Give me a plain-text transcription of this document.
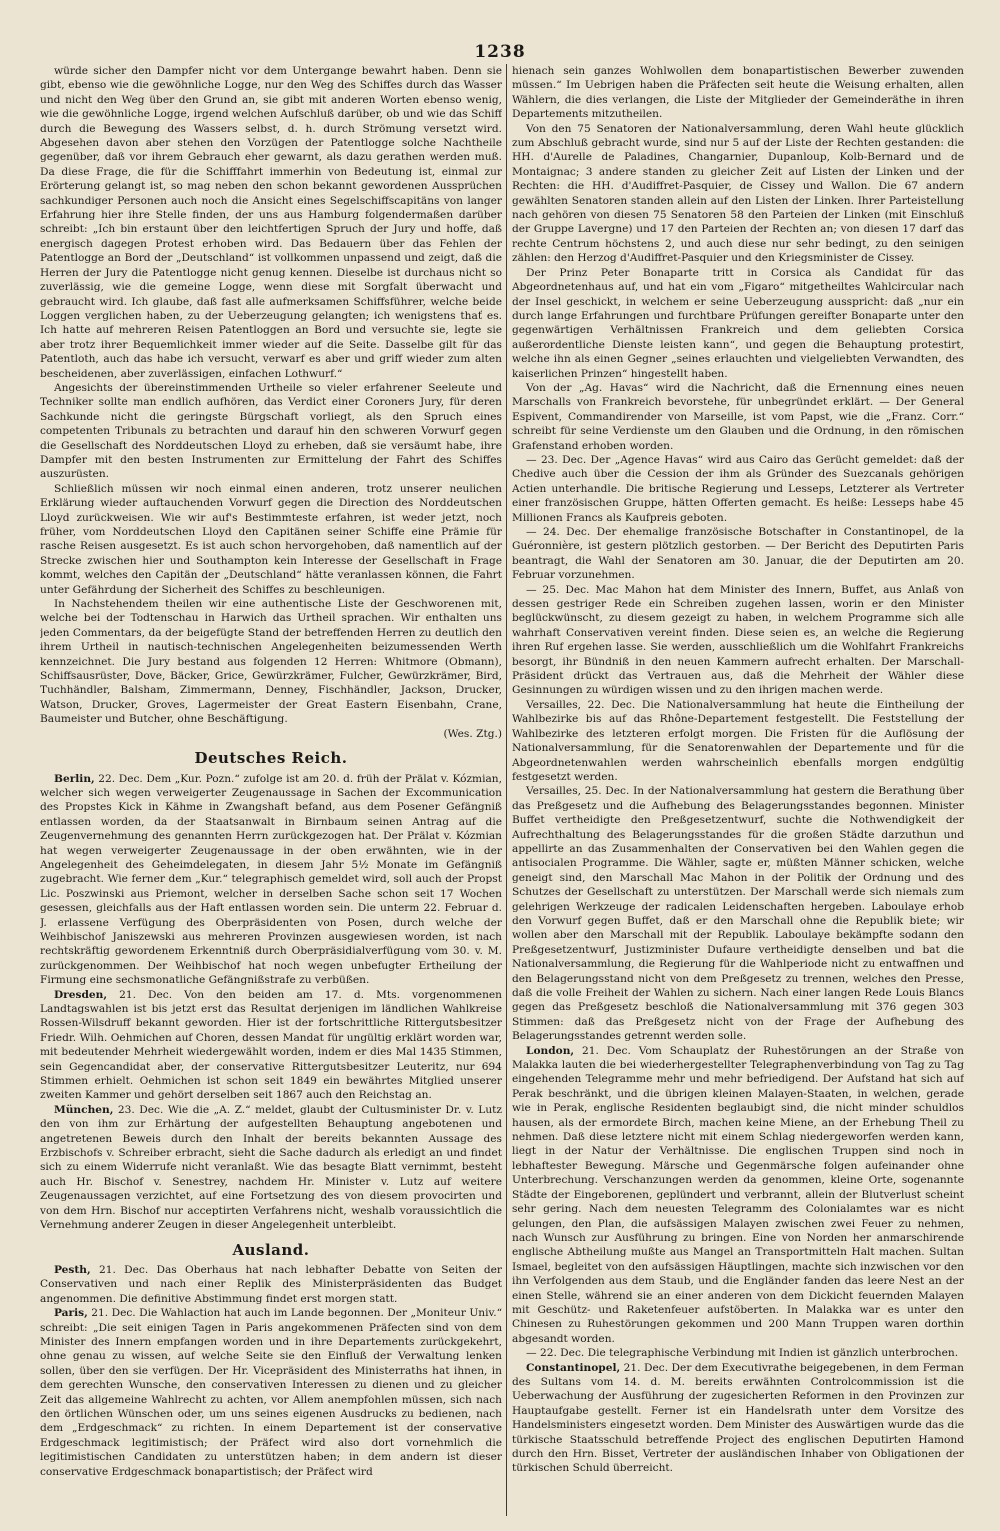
1238

würde sicher den Dampfer nicht vor dem Untergange bewahrt haben. Denn sie gibt, ebenso wie die gewöhnliche Logge, nur den Weg des Schiffes durch das Wasser und nicht den Weg über den Grund an, sie gibt mit anderen Worten ebenso wenig, wie die gewöhnliche Logge, irgend welchen Aufschluß darüber, ob und wie das Schiff durch die Bewegung des Wassers selbst, d. h. durch Strömung versetzt wird. Abgesehen davon aber stehen den Vorzügen der Patentlogge solche Nachtheile gegenüber, daß vor ihrem Gebrauch eher gewarnt, als dazu gerathen werden muß. Da diese Frage, die für die Schifffahrt immerhin von Bedeutung ist, einmal zur Erörterung gelangt ist, so mag neben den schon bekannt gewordenen Aussprüchen sachkundiger Personen auch noch die Ansicht eines Segelschiffscapitäns von langer Erfahrung hier ihre Stelle finden, der uns aus Hamburg folgendermaßen darüber schreibt: „Ich bin erstaunt über den leichtfertigen Spruch der Jury und hoffe, daß energisch dagegen Protest erhoben wird. Das Bedauern über das Fehlen der Patentlogge an Bord der „Deutschland“ ist vollkommen unpassend und zeigt, daß die Herren der Jury die Patentlogge nicht genug kennen. Dieselbe ist durchaus nicht so zuverlässig, wie die gemeine Logge, wenn diese mit Sorgfalt überwacht und gebraucht wird. Ich glaube, daß fast alle aufmerksamen Schiffsführer, welche beide Loggen verglichen haben, zu der Ueberzeugung gelangten; ich wenigstens thať es. Ich hatte auf mehreren Reisen Patentloggen an Bord und versuchte sie, legte sie aber trotz ihrer Bequemlichkeit immer wieder auf die Seite. Dasselbe gilt für das Patentloth, auch das habe ich versucht, verwarf es aber und griff wieder zum alten bescheidenen, aber zuverlässigen, einfachen Lothwurf.“

Angesichts der übereinstimmenden Urtheile so vieler erfahrener Seeleute und Techniker sollte man endlich aufhören, das Verdict einer Coroners Jury, für deren Sachkunde nicht die geringste Bürgschaft vorliegt, als den Spruch eines competenten Tribunals zu betrachten und darauf hin den schweren Vorwurf gegen die Gesellschaft des Norddeutschen Lloyd zu erheben, daß sie versäumt habe, ihre Dampfer mit den besten Instrumenten zur Ermittelung der Fahrt des Schiffes auszurüsten.

Schließlich müssen wir noch einmal einen anderen, trotz unserer neulichen Erklärung wieder auftauchenden Vorwurf gegen die Direction des Norddeutschen Lloyd zurückweisen. Wie wir auf's Bestimmteste erfahren, ist weder jetzt, noch früher, vom Norddeutschen Lloyd den Capitänen seiner Schiffe eine Prämie für rasche Reisen ausgesetzt. Es ist auch schon hervorgehoben, daß namentlich auf der Strecke zwischen hier und Southampton kein Interesse der Gesellschaft in Frage kommt, welches den Capitän der „Deutschland“ hätte veranlassen können, die Fahrt unter Gefährdung der Sicherheit des Schiffes zu beschleunigen.

In Nachstehendem theilen wir eine authentische Liste der Geschworenen mit, welche bei der Todtenschau in Harwich das Urtheil sprachen. Wir enthalten uns jeden Commentars, da der beigefügte Stand der betreffenden Herren zu deutlich den ihrem Urtheil in nautisch-technischen Angelegenheiten beizumessenden Werth kennzeichnet. Die Jury bestand aus folgenden 12 Herren: Whitmore (Obmann), Schiffsausrüster, Dove, Bäcker, Grice, Gewürzkrämer, Fulcher, Gewürzkrämer, Bird, Tuchhändler, Balsham, Zimmermann, Denney, Fischhändler, Jackson, Drucker, Watson, Drucker, Groves, Lagermeister der Great Eastern Eisenbahn, Crane, Baumeister und Butcher, ohne Beschäftigung.

(Wes. Ztg.)

Deutsches Reich.

Berlin, 22. Dec. Dem „Kur. Pozn.“ zufolge ist am 20. d. früh der Prälat v. Kózmian, welcher sich wegen verweigerter Zeugenaussage in Sachen der Excommunication des Propstes Kick in Kähme in Zwangshaft befand, aus dem Posener Gefängniß entlassen worden, da der Staatsanwalt in Birnbaum seinen Antrag auf die Zeugenvernehmung des genannten Herrn zurückgezogen hat. Der Prälat v. Kózmian hat wegen verweigerter Zeugenaussage in der oben erwähnten, wie in der Angelegenheit des Geheimdelegaten, in diesem Jahr 5½ Monate im Gefängniß zugebracht. Wie ferner dem „Kur.“ telegraphisch gemeldet wird, soll auch der Propst Lic. Poszwinski aus Priemont, welcher in derselben Sache schon seit 17 Wochen gesessen, gleichfalls aus der Haft entlassen worden sein. Die unterm 22. Februar d. J. erlassene Verfügung des Oberpräsidenten von Posen, durch welche der Weihbischof Janiszewski aus mehreren Provinzen ausgewiesen worden, ist nach rechtskräftig gewordenem Erkenntniß durch Oberpräsidialverfügung vom 30. v. M. zurückgenommen. Der Weihbischof hat noch wegen unbefugter Ertheilung der Firmung eine sechsmonatliche Gefängnißstrafe zu verbüßen.

Dresden, 21. Dec. Von den beiden am 17. d. Mts. vorgenommenen Landtagswahlen ist bis jetzt erst das Resultat derjenigen im ländlichen Wahlkreise Rossen-Wilsdruff bekannt geworden. Hier ist der fortschrittliche Rittergutsbesitzer Friedr. Wilh. Oehmichen auf Choren, dessen Mandat für ungültig erklärt worden war, mit bedeutender Mehrheit wiedergewählt worden, indem er dies Mal 1435 Stimmen, sein Gegencandidat aber, der conservative Rittergutsbesitzer Leuteritz, nur 694 Stimmen erhielt. Oehmichen ist schon seit 1849 ein bewährtes Mitglied unserer zweiten Kammer und gehört derselben seit 1867 auch den Reichstag an.

München, 23. Dec. Wie die „A. Z.“ meldet, glaubt der Cultusminister Dr. v. Lutz den von ihm zur Erhärtung der aufgestellten Behauptung angebotenen und angetretenen Beweis durch den Inhalt der bereits bekannten Aussage des Erzbischofs v. Schreiber erbracht, sieht die Sache dadurch als erledigt an und findet sich zu einem Widerrufe nicht veranlaßt. Wie das besagte Blatt vernimmt, besteht auch Hr. Bischof v. Senestrey, nachdem Hr. Minister v. Lutz auf weitere Zeugenaussagen verzichtet, auf eine Fortsetzung des von diesem provocirten und von dem Hrn. Bischof nur acceptirten Verfahrens nicht, weshalb voraussichtlich die Vernehmung anderer Zeugen in dieser Angelegenheit unterbleibt.

Ausland.

Pesth, 21. Dec. Das Oberhaus hat nach lebhafter Debatte von Seiten der Conservativen und nach einer Replik des Ministerpräsidenten das Budget angenommen. Die definitive Abstimmung findet erst morgen statt.

Paris, 21. Dec. Die Wahlaction hat auch im Lande begonnen. Der „Moniteur Univ.“ schreibt: „Die seit einigen Tagen in Paris angekommenen Präfecten sind von dem Minister des Innern empfangen worden und in ihre Departements zurückgekehrt, ohne genau zu wissen, auf welche Seite sie den Einfluß der Verwaltung lenken sollen, über den sie verfügen. Der Hr. Vicepräsident des Ministerraths hat ihnen, in dem gerechten Wunsche, den conservativen Interessen zu dienen und zu gleicher Zeit das allgemeine Wahlrecht zu achten, vor Allem anempfohlen müssen, sich nach den örtlichen Wünschen oder, um uns seines eigenen Ausdrucks zu bedienen, nach dem „Erdgeschmack“ zu richten. In einem Departement ist der conservative Erdgeschmack legitimistisch; der Präfect wird also dort vornehmlich die legitimistischen Candidaten zu unterstützen haben; in dem andern ist dieser conservative Erdgeschmack bonapartistisch; der Präfect wird

hienach sein ganzes Wohlwollen dem bonapartistischen Bewerber zuwenden müssen.“ Im Uebrigen haben die Präfecten seit heute die Weisung erhalten, allen Wählern, die dies verlangen, die Liste der Mitglieder der Gemeinderäthe in ihren Departements mitzutheilen.

Von den 75 Senatoren der Nationalversammlung, deren Wahl heute glücklich zum Abschluß gebracht wurde, sind nur 5 auf der Liste der Rechten gestanden: die HH. d'Aurelle de Paladines, Changarnier, Dupanloup, Kolb-Bernard und de Montaignac; 3 andere standen zu gleicher Zeit auf Listen der Linken und der Rechten: die HH. d'Audiffret-Pasquier, de Cissey und Wallon. Die 67 andern gewählten Senatoren standen allein auf den Listen der Linken. Ihrer Parteistellung nach gehören von diesen 75 Senatoren 58 den Parteien der Linken (mit Einschluß der Gruppe Lavergne) und 17 den Parteien der Rechten an; von diesen 17 darf das rechte Centrum höchstens 2, und auch diese nur sehr bedingt, zu den seinigen zählen: den Herzog d'Audiffret-Pasquier und den Kriegsminister de Cissey.

Der Prinz Peter Bonaparte tritt in Corsica als Candidat für das Abgeordnetenhaus auf, und hat ein vom „Figaro“ mitgetheiltes Wahlcircular nach der Insel geschickt, in welchem er seine Ueberzeugung ausspricht: daß „nur ein durch lange Erfahrungen und furchtbare Prüfungen gereifter Bonaparte unter den gegenwärtigen Verhältnissen Frankreich und dem geliebten Corsica außerordentliche Dienste leisten kann“, und gegen die Behauptung protestirt, welche ihn als einen Gegner „seines erlauchten und vielgeliebten Verwandten, des kaiserlichen Prinzen“ hingestellt haben.

Von der „Ag. Havas“ wird die Nachricht, daß die Ernennung eines neuen Marschalls von Frankreich bevorstehe, für unbegründet erklärt. — Der General Espivent, Commandirender von Marseille, ist vom Papst, wie die „Franz. Corr.“ schreibt für seine Verdienste um den Glauben und die Ordnung, in den römischen Grafenstand erhoben worden.

— 23. Dec. Der „Agence Havas“ wird aus Cairo das Gerücht gemeldet: daß der Chedive auch über die Cession der ihm als Gründer des Suezcanals gehörigen Actien unterhandle. Die britische Regierung und Lesseps, Letzterer als Vertreter einer französischen Gruppe, hätten Offerten gemacht. Es heiße: Lesseps habe 45 Millionen Francs als Kaufpreis geboten.

— 24. Dec. Der ehemalige französische Botschafter in Constantinopel, de la Guéronnière, ist gestern plötzlich gestorben. — Der Bericht des Deputirten Paris beantragt, die Wahl der Senatoren am 30. Januar, die der Deputirten am 20. Februar vorzunehmen.

— 25. Dec. Mac Mahon hat dem Minister des Innern, Buffet, aus Anlaß von dessen gestriger Rede ein Schreiben zugehen lassen, worin er den Minister beglückwünscht, zu diesem gezeigt zu haben, in welchem Programme sich alle wahrhaft Conservativen vereint finden. Diese seien es, an welche die Regierung ihren Ruf ergehen lasse. Sie werden, ausschließlich um die Wohlfahrt Frankreichs besorgt, ihr Bündniß in den neuen Kammern aufrecht erhalten. Der Marschall-Präsident drückt das Vertrauen aus, daß die Mehrheit der Wähler diese Gesinnungen zu würdigen wissen und zu den ihrigen machen werde.

Versailles, 22. Dec. Die Nationalversammlung hat heute die Eintheilung der Wahlbezirke bis auf das Rhône-Departement festgestellt. Die Feststellung der Wahlbezirke des letzteren erfolgt morgen. Die Fristen für die Auflösung der Nationalversammlung, für die Senatorenwahlen der Departemente und für die Abgeordnetenwahlen werden wahrscheinlich ebenfalls morgen endgültig festgesetzt werden.

Versailles, 25. Dec. In der Nationalversammlung hat gestern die Berathung über das Preßgesetz und die Aufhebung des Belagerungsstandes begonnen. Minister Buffet vertheidigte den Preßgesetzentwurf, suchte die Nothwendigkeit der Aufrechthaltung des Belagerungsstandes für die großen Städte darzuthun und appellirte an das Zusammenhalten der Conservativen bei den Wahlen gegen die antisocialen Programme. Die Wähler, sagte er, müßten Männer schicken, welche geneigt sind, den Marschall Mac Mahon in der Politik der Ordnung und des Schutzes der Gesellschaft zu unterstützen. Der Marschall werde sich niemals zum gelehrigen Werkzeuge der radicalen Leidenschaften hergeben. Laboulaye erhob den Vorwurf gegen Buffet, daß er den Marschall ohne die Republik biete; wir wollen aber den Marschall mit der Republik. Laboulaye bekämpfte sodann den Preßgesetzentwurf, Justizminister Dufaure vertheidigte denselben und bat die Nationalversammlung, die Regierung für die Wahlperiode nicht zu entwaffnen und den Belagerungsstand nicht von dem Preßgesetz zu trennen, welches den Presse, daß die volle Freiheit der Wahlen zu sichern. Nach einer langen Rede Louis Blancs gegen das Preßgesetz beschloß die Nationalversammlung mit 376 gegen 303 Stimmen: daß das Preßgesetz nicht von der Frage der Aufhebung des Belagerungsstandes getrennt werden solle.

London, 21. Dec. Vom Schauplatz der Ruhestörungen an der Straße von Malakka lauten die bei wiederhergestellter Telegraphenverbindung von Tag zu Tag eingehenden Telegramme mehr und mehr befriedigend. Der Aufstand hat sich auf Perak beschränkt, und die übrigen kleinen Malayen-Staaten, in welchen, gerade wie in Perak, englische Residenten beglaubigt sind, die nicht minder schuldlos hausen, als der ermordete Birch, machen keine Miene, an der Erhebung Theil zu nehmen. Daß diese letztere nicht mit einem Schlag niedergeworfen werden kann, liegt in der Natur der Verhältnisse. Die englischen Truppen sind noch in lebhaftester Bewegung. Märsche und Gegenmärsche folgen aufeinander ohne Unterbrechung. Verschanzungen werden da genommen, kleine Orte, sogenannte Städte der Eingeborenen, geplündert und verbrannt, allein der Blutverlust scheint sehr gering. Nach dem neuesten Telegramm des Colonialamtes war es nicht gelungen, den Plan, die aufsässigen Malayen zwischen zwei Feuer zu nehmen, nach Wunsch zur Ausführung zu bringen. Eine von Norden her anmarschirende englische Abtheilung mußte aus Mangel an Transportmitteln Halt machen. Sultan Ismael, begleitet von den aufsässigen Häuptlingen, machte sich inzwischen vor den ihn Verfolgenden aus dem Staub, und die Engländer fanden das leere Nest an der einen Stelle, während sie an einer anderen von dem Dickicht feuernden Malayen mit Geschütz- und Raketenfeuer aufstöberten. In Malakka war es unter den Chinesen zu Ruhestörungen gekommen und 200 Mann Truppen waren dorthin abgesandt worden.

— 22. Dec. Die telegraphische Verbindung mit Indien ist gänzlich unterbrochen.

Constantinopel, 21. Dec. Der dem Executivrathe beigegebenen, in dem Ferman des Sultans vom 14. d. M. bereits erwähnten Controlcommission ist die Ueberwachung der Ausführung der zugesicherten Reformen in den Provinzen zur Hauptaufgabe gestellt. Ferner ist ein Handelsrath unter dem Vorsitze des Handelsministers eingesetzt worden. Dem Minister des Auswärtigen wurde das die türkische Staatsschuld betreffende Project des englischen Deputirten Hamond durch den Hrn. Bisset, Vertreter der ausländischen Inhaber von Obligationen der türkischen Schuld überreicht.
